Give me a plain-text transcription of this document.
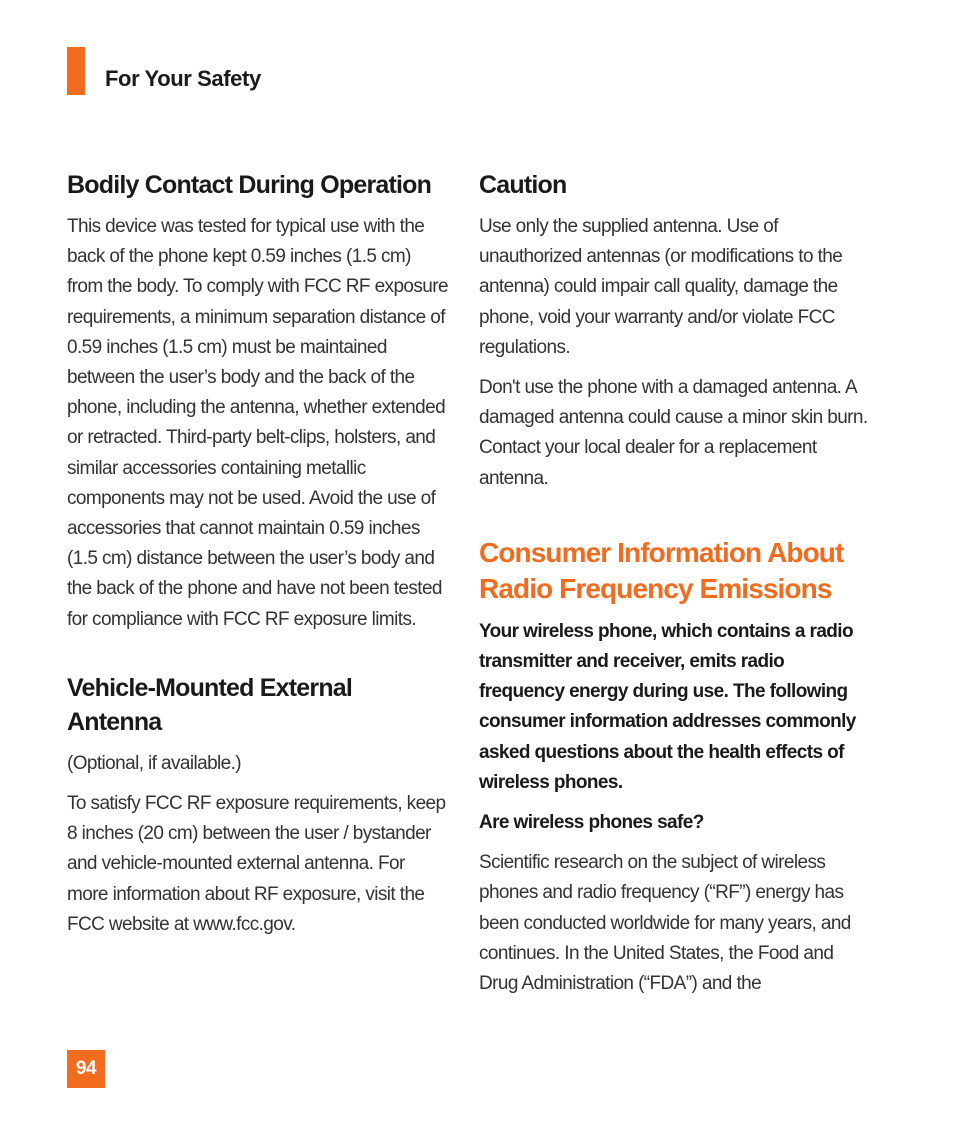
For Your Safety
Bodily Contact During Operation

This device was tested for typical use with the back of the phone kept 0.59 inches (1.5 cm) from the body. To comply with FCC RF exposure requirements, a minimum separation distance of 0.59 inches (1.5 cm) must be maintained between the user’s body and the back of the phone, including the antenna, whether extended or retracted. Third-party belt-clips, holsters, and similar accessories containing metallic components may not be used. Avoid the use of accessories that cannot maintain 0.59 inches (1.5 cm) distance between the user’s body and the back of the phone and have not been tested for compliance with FCC RF exposure limits.

Vehicle-Mounted External Antenna

(Optional, if available.)

To satisfy FCC RF exposure requirements, keep 8 inches (20 cm) between the user / bystander and vehicle-mounted external antenna. For more information about RF exposure, visit the FCC website at www.fcc.gov.

Caution

Use only the supplied antenna. Use of unauthorized antennas (or modifications to the antenna) could impair call quality, damage the phone, void your warranty and/or violate FCC regulations.

Don't use the phone with a damaged antenna. A damaged antenna could cause a minor skin burn. Contact your local dealer for a replacement antenna.

Consumer Information About Radio Frequency Emissions

Your wireless phone, which contains a radio transmitter and receiver, emits radio frequency energy during use. The following consumer information addresses commonly asked questions about the health effects of wireless phones.

Are wireless phones safe?

Scientific research on the subject of wireless phones and radio frequency (“RF”) energy has been conducted worldwide for many years, and continues. In the United States, the Food and Drug Administration (“FDA”) and the

94
